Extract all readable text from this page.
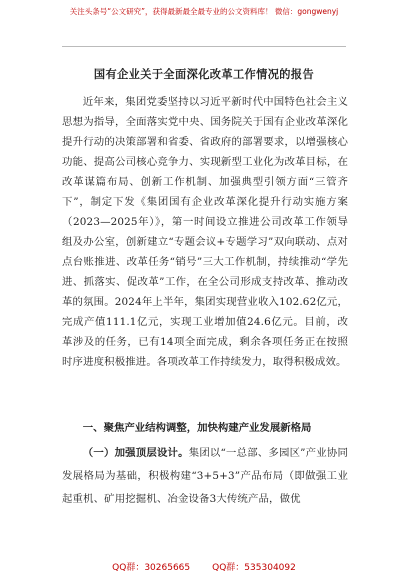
关注头条号“公文研究”，获得最新最全最专业的公文资料库！ 微信：gongwenyj
国有企业关于全面深化改革工作情况的报告

近年来，集团党委坚持以习近平新时代中国特色社会主义思想为指导，全面落实党中央、国务院关于国有企业改革深化提升行动的决策部署和省委、省政府的部署要求，以增强核心功能、提高公司核心竞争力、实现新型工业化为改革目标，在改革谋篇布局、创新工作机制、加强典型引领方面“三管齐下”，制定下发《集团国有企业改革深化提升行动实施方案（2023—2025年）》，第一时间设立推进公司改革工作领导组及办公室，创新建立“专题会议+专题学习”双向联动、点对点台账推进、改革任务“销号”三大工作机制，持续推动“学先进、抓落实、促改革”工作，在全公司形成支持改革、推动改革的氛围。2024年上半年，集团实现营业收入102.62亿元，完成产值111.1亿元，实现工业增加值24.6亿元。目前，改革涉及的任务，已有14项全面完成，剩余各项任务正在按照时序进度积极推进。各项改革工作持续发力，取得积极成效。

一、聚焦产业结构调整，加快构建产业发展新格局

（一）加强顶层设计。集团以“一总部、多园区”产业协同发展格局为基础，积极构建“3+5+3”产品布局（即做强工业起重机、矿用挖掘机、冶金设备3大传统产品，做优

QQ群：30265665 QQ群：535304092
